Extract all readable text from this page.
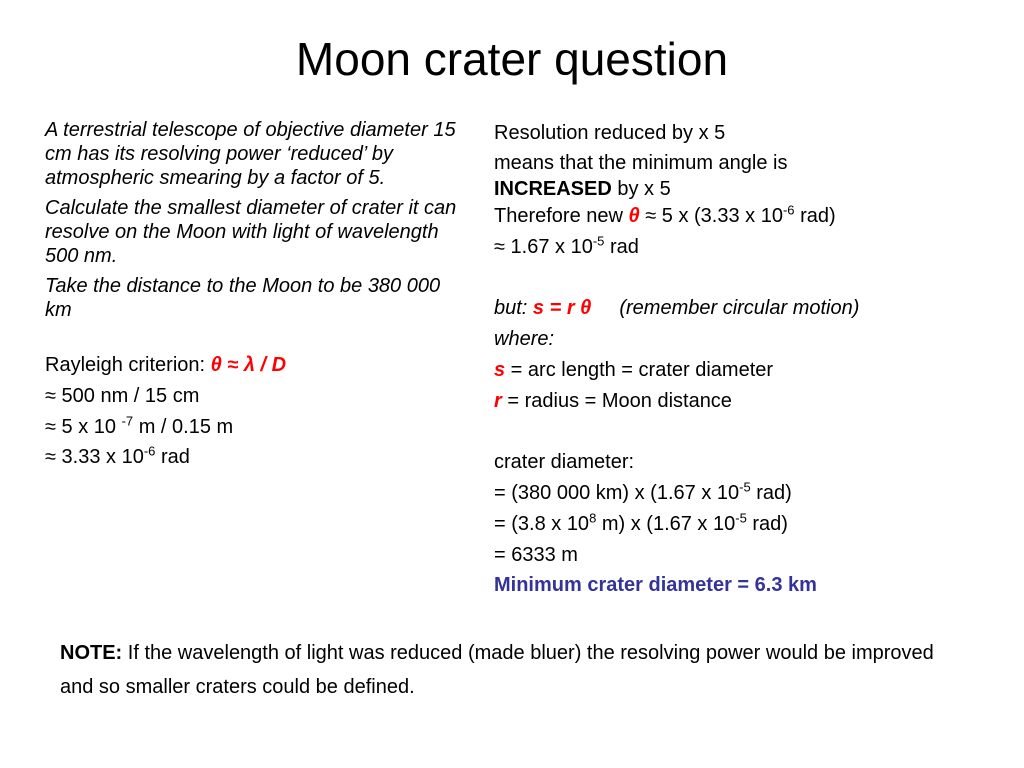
Moon crater question

A terrestrial telescope of objective diameter 15 cm has its resolving power ‘reduced’ by atmospheric smearing by a factor of 5.

Calculate the smallest diameter of crater it can resolve on the Moon with light of wavelength 500 nm.

Take the distance to the Moon to be 380 000 km

Rayleigh criterion: θ ≈ λ / D
≈ 500 nm / 15 cm
≈ 5 x 10 $^{-7}$ m / 0.15 m
≈ 3.33 x $10^{-6}$ rad
Resolution reduced by x 5
means that the minimum angle is
INCREASED by x 5
Therefore new θ ≈ 5 x (3.33 x $10^{-6}$ rad)
≈ 1.67 x $10^{-5}$ rad
but: s = r θ (remember circular motion)
where:
s = arc length = crater diameter
r = radius = Moon distance
crater diameter:
= (380 000 km) x (1.67 x $10^{-5}$ rad)
= (3.8 x $10^8$ m) x (1.67 x $10^{-5}$ rad)
= 6333 m
Minimum crater diameter = 6.3 km
NOTE: If the wavelength of light was reduced (made bluer) the resolving power would be improved and so smaller craters could be defined.
